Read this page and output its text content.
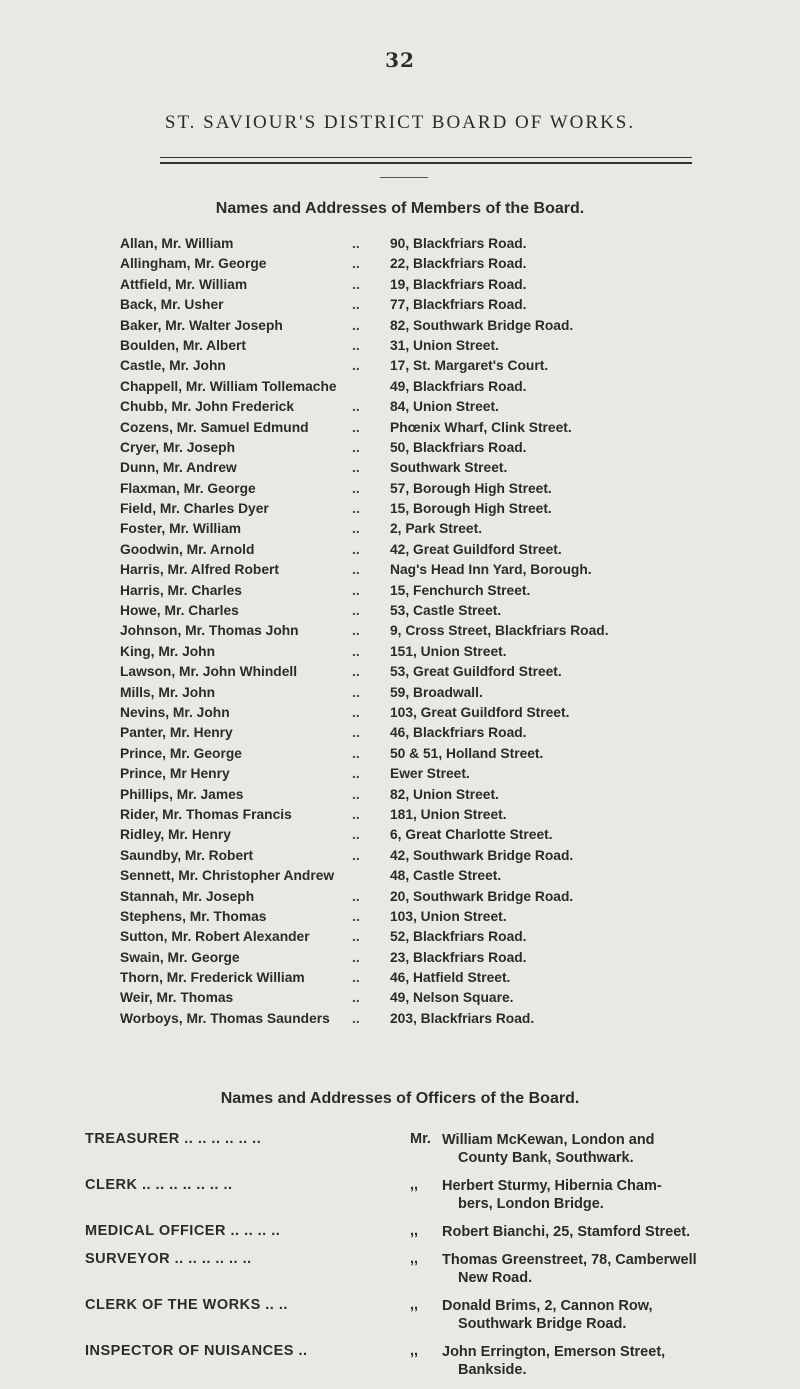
32
ST. SAVIOUR'S DISTRICT BOARD OF WORKS.
Names and Addresses of Members of the Board.
Allan, Mr. William	..	90, Blackfriars Road.
Allingham, Mr. George	..	22, Blackfriars Road.
Attfield, Mr. William	..	19, Blackfriars Road.
Back, Mr. Usher	..	77, Blackfriars Road.
Baker, Mr. Walter Joseph	..	82, Southwark Bridge Road.
Boulden, Mr. Albert	..	31, Union Street.
Castle, Mr. John	..	17, St. Margaret's Court.
Chappell, Mr. William Tollemache	49, Blackfriars Road.
Chubb, Mr. John Frederick	..	84, Union Street.
Cozens, Mr. Samuel Edmund	..	Phœnix Wharf, Clink Street.
Cryer, Mr. Joseph	..	50, Blackfriars Road.
Dunn, Mr. Andrew	..	Southwark Street.
Flaxman, Mr. George	..	57, Borough High Street.
Field, Mr. Charles Dyer	..	15, Borough High Street.
Foster, Mr. William	..	2, Park Street.
Goodwin, Mr. Arnold	..	42, Great Guildford Street.
Harris, Mr. Alfred Robert	..	Nag's Head Inn Yard, Borough.
Harris, Mr. Charles	..	15, Fenchurch Street.
Howe, Mr. Charles	..	53, Castle Street.
Johnson, Mr. Thomas John	..	9, Cross Street, Blackfriars Road.
King, Mr. John	..	151, Union Street.
Lawson, Mr. John Whindell	..	53, Great Guildford Street.
Mills, Mr. John	..	59, Broadwall.
Nevins, Mr. John	..	103, Great Guildford Street.
Panter, Mr. Henry	..	46, Blackfriars Road.
Prince, Mr. George	..	50 & 51, Holland Street.
Prince, Mr Henry	..	Ewer Street.
Phillips, Mr. James	..	82, Union Street.
Rider, Mr. Thomas Francis	..	181, Union Street.
Ridley, Mr. Henry	..	6, Great Charlotte Street.
Saundby, Mr. Robert	..	42, Southwark Bridge Road.
Sennett, Mr. Christopher Andrew	48, Castle Street.
Stannah, Mr. Joseph	..	20, Southwark Bridge Road.
Stephens, Mr. Thomas	..	103, Union Street.
Sutton, Mr. Robert Alexander	..	52, Blackfriars Road.
Swain, Mr. George	..	23, Blackfriars Road.
Thorn, Mr. Frederick William	..	46, Hatfield Street.
Weir, Mr. Thomas	..	49, Nelson Square.
Worboys, Mr. Thomas Saunders	..	203, Blackfriars Road.
Names and Addresses of Officers of the Board.
TREASURER .. .. .. .. .. ..	Mr. William McKewan, London and
County Bank, Southwark.
CLERK .. .. .. .. .. .. ..	,,	Herbert Sturmy, Hibernia Cham-
bers, London Bridge.
MEDICAL OFFICER .. .. .. ..	,,	Robert Bianchi, 25, Stamford Street.
SURVEYOR .. .. .. .. .. ..	,,	Thomas Greenstreet, 78, Camberwell
New Road.
CLERK OF THE WORKS .. ..	,,	Donald Brims, 2, Cannon Row,
Southwark Bridge Road.
INSPECTOR OF NUISANCES ..	,,	John Errington, Emerson Street,
Bankside.
